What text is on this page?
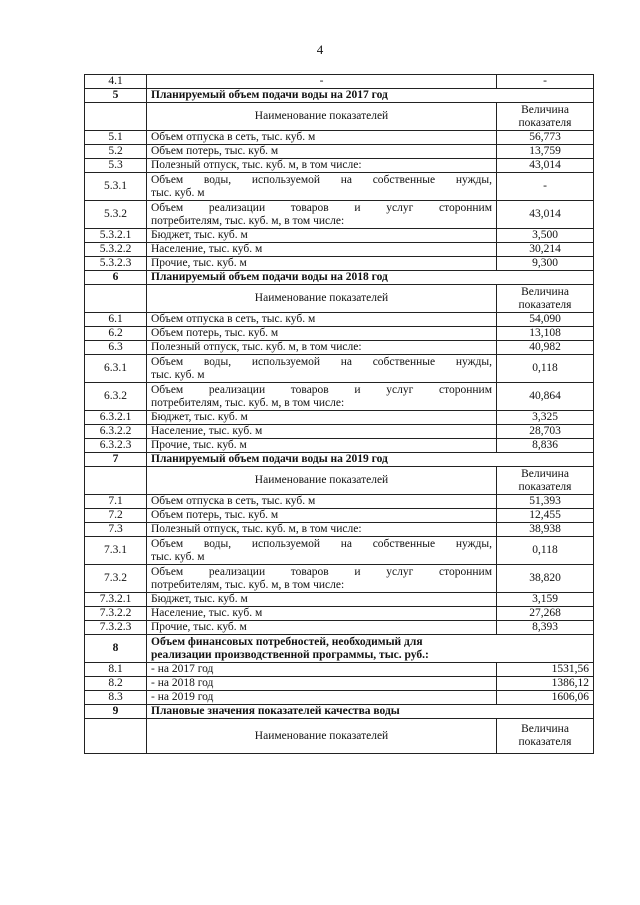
4
4.1	-	-
5	Планируемый объем подачи воды на 2017 год	
	Наименование показателей	Величина показателя
5.1	Объем отпуска в сеть, тыс. куб. м	56,773
5.2	Объем потерь, тыс. куб. м	13,759
5.3	Полезный отпуск, тыс. куб. м, в том числе:	43,014
5.3.1	Объем воды, используемой на собственные нужды,
тыс. куб. м	-
5.3.2	Объем реализации товаров и услуг сторонним
потребителям, тыс. куб. м, в том числе:	43,014
5.3.2.1	Бюджет, тыс. куб. м	3,500
5.3.2.2	Население, тыс. куб. м	30,214
5.3.2.3	Прочие, тыс. куб. м	9,300
6	Планируемый объем подачи воды на 2018 год	
	Наименование показателей	Величина показателя
6.1	Объем отпуска в сеть, тыс. куб. м	54,090
6.2	Объем потерь, тыс. куб. м	13,108
6.3	Полезный отпуск, тыс. куб. м, в том числе:	40,982
6.3.1	Объем воды, используемой на собственные нужды,
тыс. куб. м	0,118
6.3.2	Объем реализации товаров и услуг сторонним
потребителям, тыс. куб. м, в том числе:	40,864
6.3.2.1	Бюджет, тыс. куб. м	3,325
6.3.2.2	Население, тыс. куб. м	28,703
6.3.2.3	Прочие, тыс. куб. м	8,836
7	Планируемый объем подачи воды на 2019 год	
	Наименование показателей	Величина показателя
7.1	Объем отпуска в сеть, тыс. куб. м	51,393
7.2	Объем потерь, тыс. куб. м	12,455
7.3	Полезный отпуск, тыс. куб. м, в том числе:	38,938
7.3.1	Объем воды, используемой на собственные нужды,
тыс. куб. м	0,118
7.3.2	Объем реализации товаров и услуг сторонним
потребителям, тыс. куб. м, в том числе:	38,820
7.3.2.1	Бюджет, тыс. куб. м	3,159
7.3.2.2	Население, тыс. куб. м	27,268
7.3.2.3	Прочие, тыс. куб. м	8,393
8	Объем финансовых потребностей, необходимый для
реализации производственной программы, тыс. руб.:	

8.1	- на 2017 год	1531,56
8.2	- на 2018 год	1386,12
8.3	- на 2019 год	1606,06
9	Плановые значения показателей качества воды	
	Наименование показателей	Величина показателя
